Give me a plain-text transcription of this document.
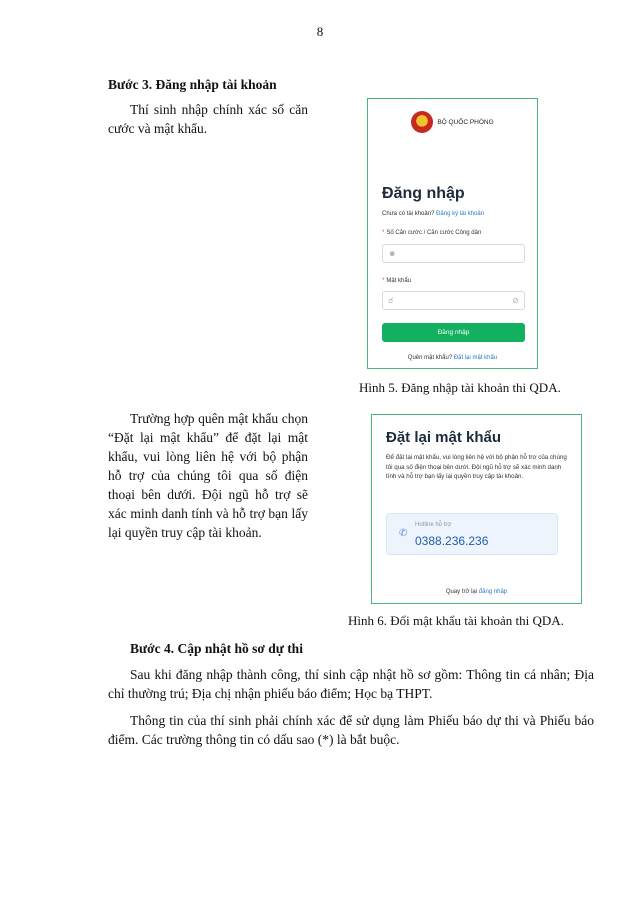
8
Bước 3. Đăng nhập tài khoản

Thí sinh nhập chính xác số căn cước và mật khẩu.	BỘ QUỐC PHÒNG
Đăng nhập
Chưa có tài khoản? Đăng ký tài khoản
* Số Căn cước / Căn cước Công dân
☻
* Mật khẩu
☌	⊘
Đăng nhập
Quên mật khẩu? Đặt lại mật khẩu
Hình 5. Đăng nhập tài khoản thi QDA.

Trường hợp quên mật khẩu chọn “Đặt lại mật khẩu” để đặt lại mật khẩu, vui lòng liên hệ với bộ phận hỗ trợ của chúng tôi qua số điện thoại bên dưới. Đội ngũ hỗ trợ sẽ xác minh danh tính và hỗ trợ bạn lấy lại quyền truy cập tài khoản.

Đặt lại mật khẩu
Để đặt lại mật khẩu, vui lòng liên hệ với bộ phận hỗ trợ của chúng tôi qua số điện thoại bên dưới. Đội ngũ hỗ trợ sẽ xác minh danh tính và hỗ trợ bạn lấy lại quyền truy cập tài khoản.
✆
Hotline hỗ trợ
0388.236.236
Quay trở lại đăng nhập
Hình 6. Đổi mật khẩu tài khoản thi QDA.
Bước 4. Cập nhật hồ sơ dự thi

Sau khi đăng nhập thành công, thí sinh cập nhật hồ sơ gồm: Thông tin cá nhân; Địa chỉ thường trú; Địa chị nhận phiếu báo điểm; Học bạ THPT.

Thông tin của thí sinh phải chính xác để sử dụng làm Phiếu báo dự thi và Phiếu báo điểm. Các trường thông tin có dấu sao (*) là bắt buộc.
